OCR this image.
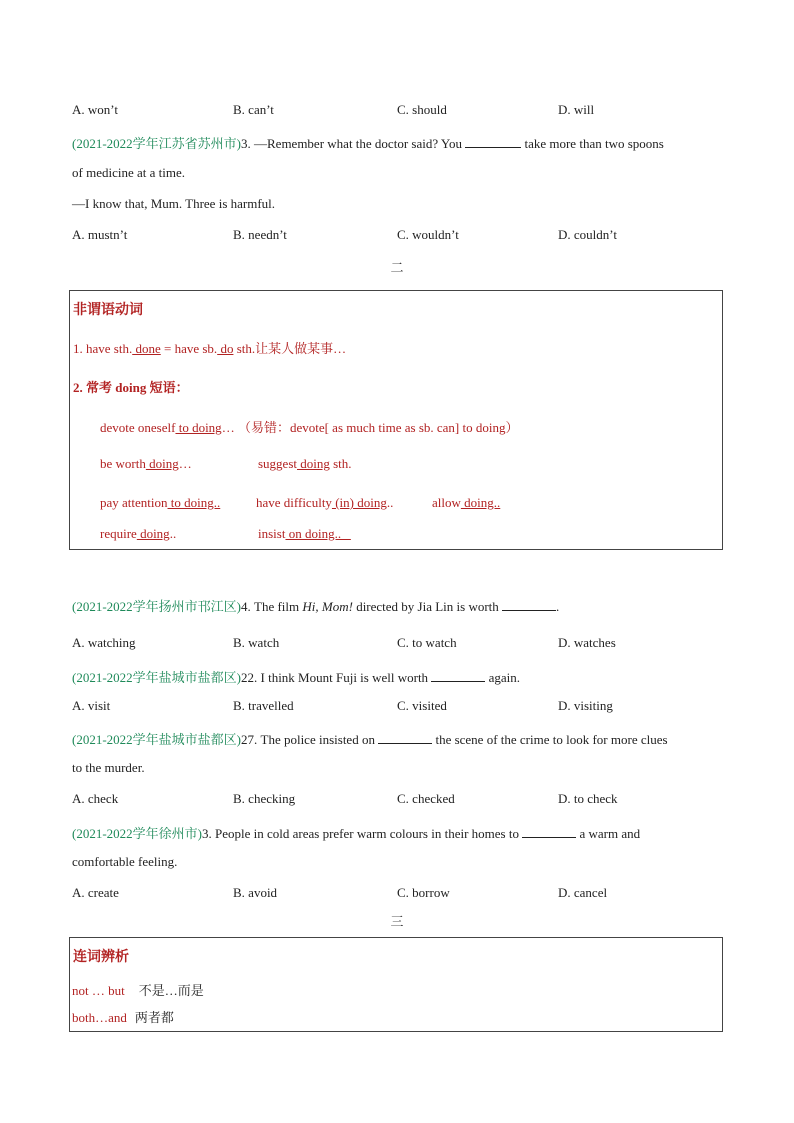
A. won’t	B. can’t	C. should	D. will
(2021-2022学年江苏省苏州市)3. —Remember what the doctor said? You	take more than two spoons
of medicine at a time.
—I know that, Mum. Three is harmful.
A. mustn’t	B. needn’t	C. wouldn’t	D. couldn’t
二
非谓语动词
1. have sth. done = have sb. do sth.让某人做某事…
2. 常考 doing 短语：
devote oneself to doing… （易错：devote[ as much time as sb. can] to doing）
be worth doing…	suggest doing sth.
pay attention to doing..	have difficulty (in) doing..	allow doing..
require doing..	insist on doing..
(2021-2022学年扬州市邗江区)4. The film Hi, Mom! directed by Jia Lin is worth	.
A. watching	B. watch	C. to watch	D. watches
(2021-2022学年盐城市盐都区)22. I think Mount Fuji is well worth	again.
A. visit	B. travelled	C. visited	D. visiting
(2021-2022学年盐城市盐都区)27. The police insisted on	the scene of the crime to look for more clues
to the murder.
A. check	B. checking	C. checked	D. to check
(2021-2022学年徐州市)3. People in cold areas prefer warm colours in their homes to	a warm and
comfortable feeling.
A. create	B. avoid	C. borrow	D. cancel
三
连词辨析
not … but 不是…而是
both…and 两者都
